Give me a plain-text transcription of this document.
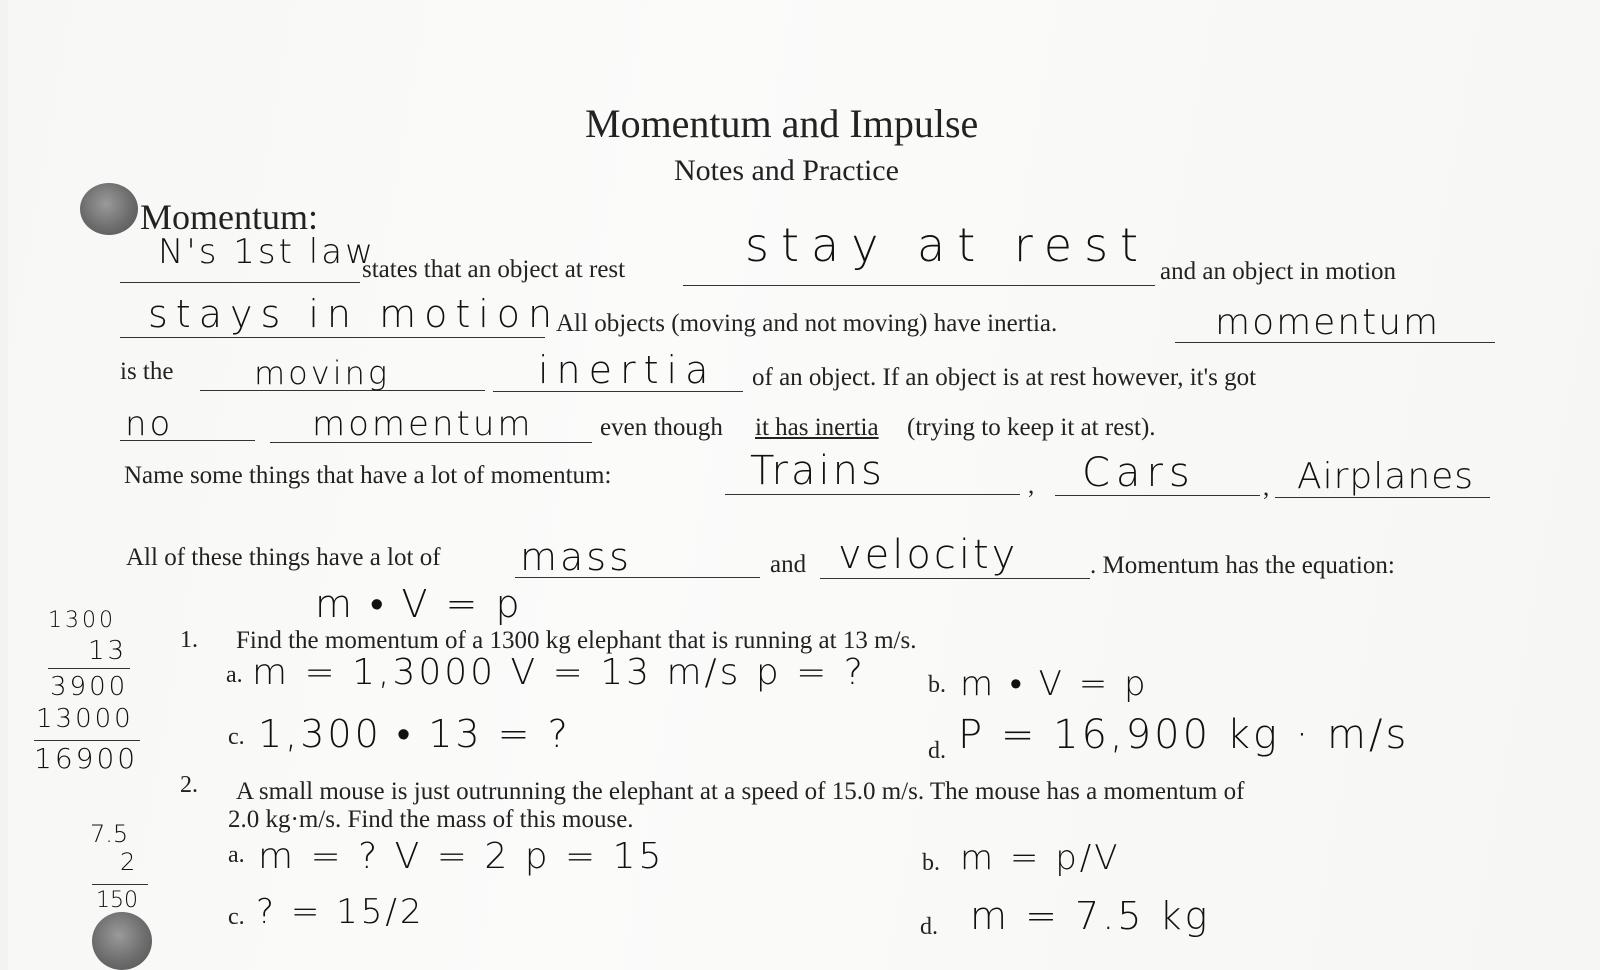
Momentum and Impulse
Notes and Practice
Momentum:
N's 1st law
states that an object at rest	stay at rest and an object in motion
stays in motion
All objects (moving and not moving) have inertia.	momentum
is the	moving	inertia of an object. If an object is at rest however, it's got
no	momentum	even though it has inertia (trying to keep it at rest).
Name some things that have a lot of momentum:	Trains	, Cars	, Airplanes
All of these things have a lot of mass	and velocity	. Momentum has the equation:
m • V = p
1. Find the momentum of a 1300 kg elephant that is running at 13 m/s.
a. m = 1,3000 V = 13 m/s p = ?	b. m • V = p
c. 1,300 • 13 = ?	d. P = 16,900 kg · m/s
2. A small mouse is just outrunning the elephant at a speed of 15.0 m/s. The mouse has a momentum of
2.0 kg·m/s. Find the mass of this mouse.
a. m = ? V = 2 p = 15	b. m = p/V
c. ? = 15/2	d. m = 7.5 kg
1300
13
3900
13000
16900
7.5
2
150
